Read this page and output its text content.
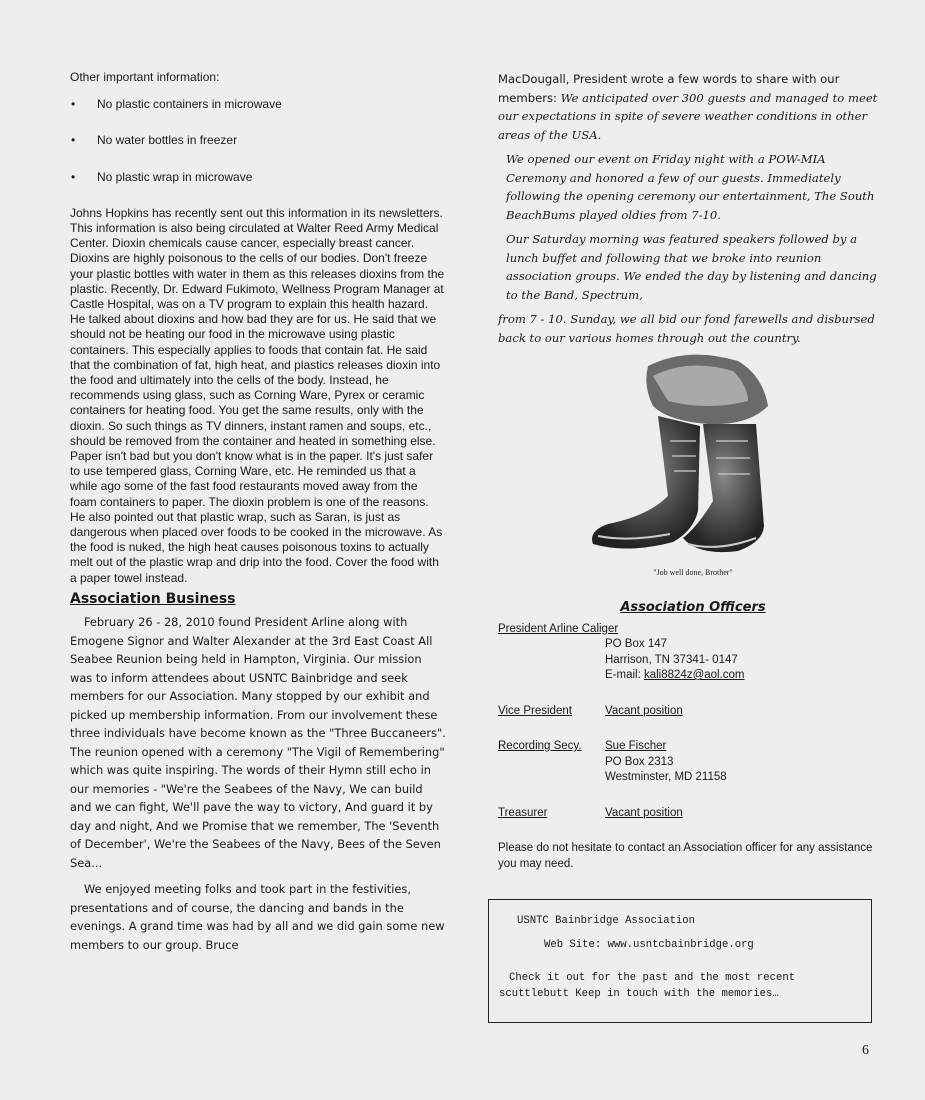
Other important information:

• No plastic containers in microwave
• No water bottles in freezer
• No plastic wrap in microwave

Johns Hopkins has recently sent out this information in its newsletters. This information is also being circulated at Walter Reed Army Medical Center. Dioxin chemicals cause cancer, especially breast cancer. Dioxins are highly poisonous to the cells of our bodies. Don't freeze your plastic bottles with water in them as this releases dioxins from the plastic. Recently, Dr. Edward Fukimoto, Wellness Program Manager at Castle Hospital, was on a TV program to explain this health hazard. He talked about dioxins and how bad they are for us. He said that we should not be heating our food in the microwave using plastic containers. This especially applies to foods that contain fat. He said that the combination of fat, high heat, and plastics releases dioxin into the food and ultimately into the cells of the body. Instead, he recommends using glass, such as Corning Ware, Pyrex or ceramic containers for heating food. You get the same results, only with the dioxin. So such things as TV dinners, instant ramen and soups, etc., should be removed from the container and heated in something else. Paper isn't bad but you don't know what is in the paper. It's just safer to use tempered glass, Corning Ware, etc. He reminded us that a while ago some of the fast food restaurants moved away from the foam containers to paper. The dioxin problem is one of the reasons. He also pointed out that plastic wrap, such as Saran, is just as dangerous when placed over foods to be cooked in the microwave. As the food is nuked, the high heat causes poisonous toxins to actually melt out of the plastic wrap and drip into the food. Cover the food with a paper towel instead.

Association Business

February 26 - 28, 2010 found President Arline along with Emogene Signor and Walter Alexander at the 3rd East Coast All Seabee Reunion being held in Hampton, Virginia. Our mission was to inform attendees about USNTC Bainbridge and seek members for our Association. Many stopped by our exhibit and picked up membership information. From our involvement these three individuals have become known as the "Three Buccaneers". The reunion opened with a ceremony "The Vigil of Remembering" which was quite inspiring. The words of their Hymn still echo in our memories - "We're the Seabees of the Navy, We can build and we can fight, We'll pave the way to victory, And guard it by day and night, And we Promise that we remember, The 'Seventh of December', We're the Seabees of the Navy, Bees of the Seven Sea...

We enjoyed meeting folks and took part in the festivities, presentations and of course, the dancing and bands in the evenings. A grand time was had by all and we did gain some new members to our group. Bruce

MacDougall, President wrote a few words to share with our members: We anticipated over 300 guests and managed to meet our expectations in spite of severe weather conditions in other areas of the USA.

We opened our event on Friday night with a POW-MIA Ceremony and honored a few of our guests. Immediately following the opening ceremony our entertainment, The South BeachBums played oldies from 7-10.

Our Saturday morning was featured speakers followed by a lunch buffet and following that we broke into reunion association groups. We ended the day by listening and dancing to the Band, Spectrum,

from 7 - 10. Sunday, we all bid our fond farewells and disbursed back to our various homes through out the country.

"Job well done, Brother"
Association Officers
President Arline Caliger
PO Box 147
Harrison, TN 37341- 0147
E-mail: kali8824z@aol.com
Vice President	Vacant position
Recording Secy. Sue Fischer
PO Box 2313
Westminster, MD 21158
Treasurer	Vacant position
Please do not hesitate to contact an Association officer for any assistance you may need.
USNTC Bainbridge Association
Web Site: www.usntcbainbridge.org
Check it out for the past and the most recent
scuttlebutt Keep in touch with the memories…
6
